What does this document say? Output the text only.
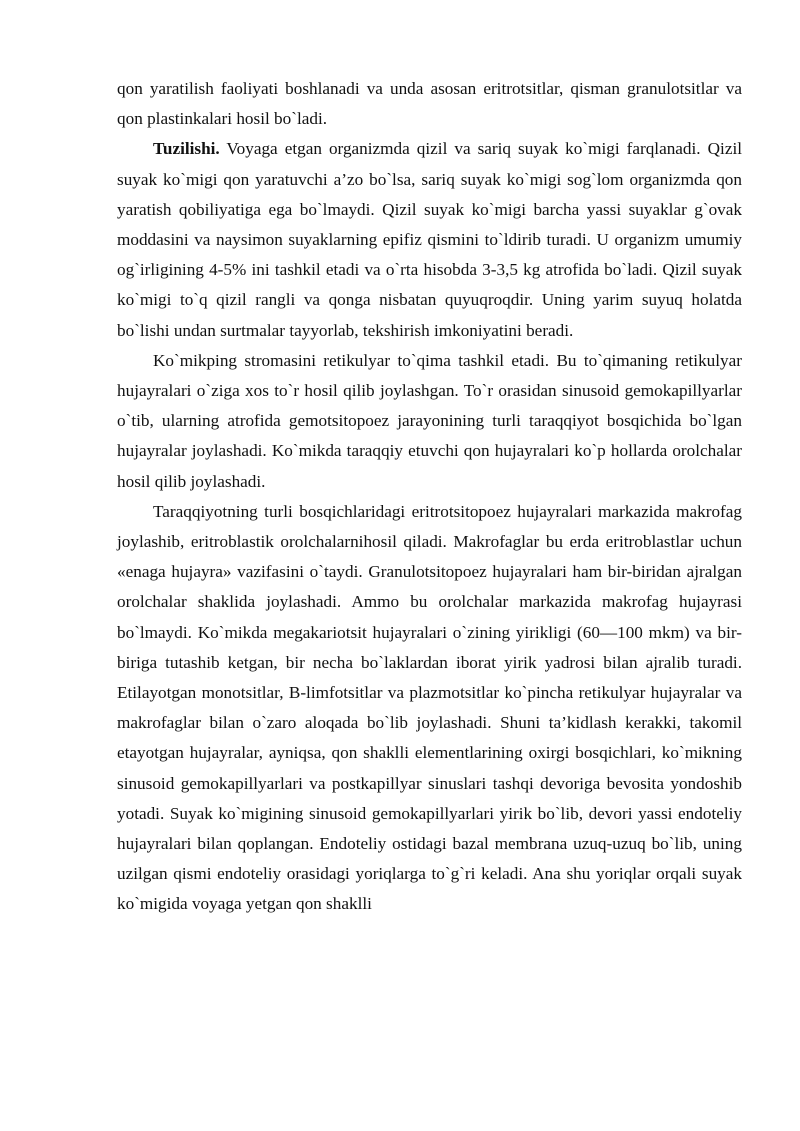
qon yaratilish faoliyati boshlanadi va unda asosan eritrotsitlar, qisman granulotsitlar va qon plastinkalari hosil bo`ladi.

Tuzilishi. Voyaga etgan organizmda qizil va sariq suyak ko`migi farqlanadi. Qizil suyak ko`migi qon yaratuvchi a’zo bo`lsa, sariq suyak ko`migi sog`lom organizmda qon yaratish qobiliyatiga ega bo`lmaydi. Qizil suyak ko`migi barcha yassi suyaklar g`ovak moddasini va naysimon suyaklarning epifiz qismini to`ldirib turadi. U organizm umumiy og`irligining 4-5% ini tashkil etadi va o`rta hisobda 3-3,5 kg atrofida bo`ladi. Qizil suyak ko`migi to`q qizil rangli va qonga nisbatan quyuqroqdir. Uning yarim suyuq holatda bo`lishi undan surtmalar tayyorlab, tekshirish imkoniyatini beradi.

Ko`mikping stromasini retikulyar to`qima tashkil etadi. Bu to`qimaning retikulyar hujayralari o`ziga xos to`r hosil qilib joylashgan. To`r orasidan sinusoid gemokapillyarlar o`tib, ularning atrofida gemotsitopoez jarayonining turli taraqqiyot bosqichida bo`lgan hujayralar joylashadi. Ko`mikda taraqqiy etuvchi qon hujayralari ko`p hollarda orolchalar hosil qilib joylashadi.

Taraqqiyotning turli bosqichlaridagi eritrotsitopoez hujayralari markazida makrofag joylashib, eritroblastik orolchalarnihosil qiladi. Makrofaglar bu erda eritroblastlar uchun «enaga hujayra» vazifasini o`taydi. Granulotsitopoez hujayralari ham bir-biridan ajralgan orolchalar shaklida joylashadi. Ammo bu orolchalar markazida makrofag hujayrasi bo`lmaydi. Ko`mikda megakariotsit hujayralari o`zining yirikligi (60—100 mkm) va bir-biriga tutashib ketgan, bir necha bo`laklardan iborat yirik yadrosi bilan ajralib turadi. Etilayotgan monotsitlar, B-limfotsitlar va plazmotsitlar ko`pincha retikulyar hujayralar va makrofaglar bilan o`zaro aloqada bo`lib joylashadi. Shuni ta’kidlash kerakki, takomil etayotgan hujayralar, ayniqsa, qon shaklli elementlarining oxirgi bosqichlari, ko`mikning sinusoid gemokapillyarlari va postkapillyar sinuslari tashqi devoriga bevosita yondoshib yotadi. Suyak ko`migining sinusoid gemokapillyarlari yirik bo`lib, devori yassi endoteliy hujayralari bilan qoplangan. Endoteliy ostidagi bazal membrana uzuq-uzuq bo`lib, uning uzilgan qismi endoteliy orasidagi yoriqlarga to`g`ri keladi. Ana shu yoriqlar orqali suyak ko`migida voyaga yetgan qon shaklli
